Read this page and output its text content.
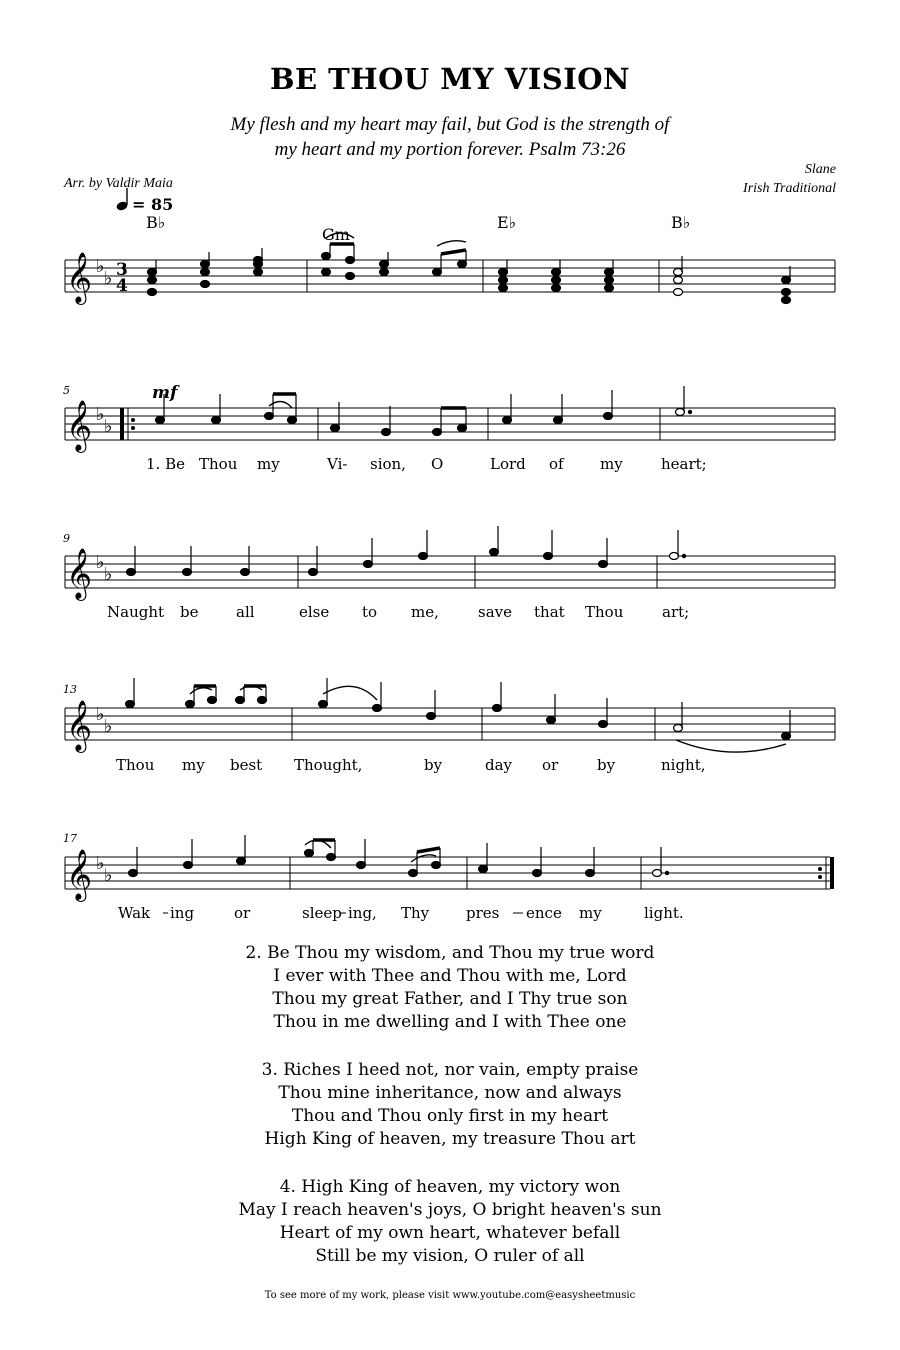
BE THOU MY VISION
My flesh and my heart may fail, but God is the strength of
my heart and my portion forever. Psalm 73:26
Slane
Irish Traditional
Arr. by Valdir Maia
= 85
B♭
Gm
E♭	B♭
𝄞 ♭
♭ 3
4
5	mf
𝄞 ♭
♭
1. Be Thou my	Vi- sion, O	Lord of my	heart;
9
𝄞 ♭
♭
Naught be	all	else to me,	save that Thou	art;
13
𝄞 ♭
♭
Thou my best Thought,	by	day or	by	night,
17
𝄞 ♭
♭
Wak ing	or	sleep ing, Thy pres ence my	light.
2. Be Thou my wisdom, and Thou my true word
I ever with Thee and Thou with me, Lord
Thou my great Father, and I Thy true son
Thou in me dwelling and I with Thee one
3. Riches I heed not, nor vain, empty praise
Thou mine inheritance, now and always
Thou and Thou only first in my heart
High King of heaven, my treasure Thou art
4. High King of heaven, my victory won
May I reach heaven's joys, O bright heaven's sun
Heart of my own heart, whatever befall
Still be my vision, O ruler of all
To see more of my work, please visit www.youtube.com@easysheetmusic
